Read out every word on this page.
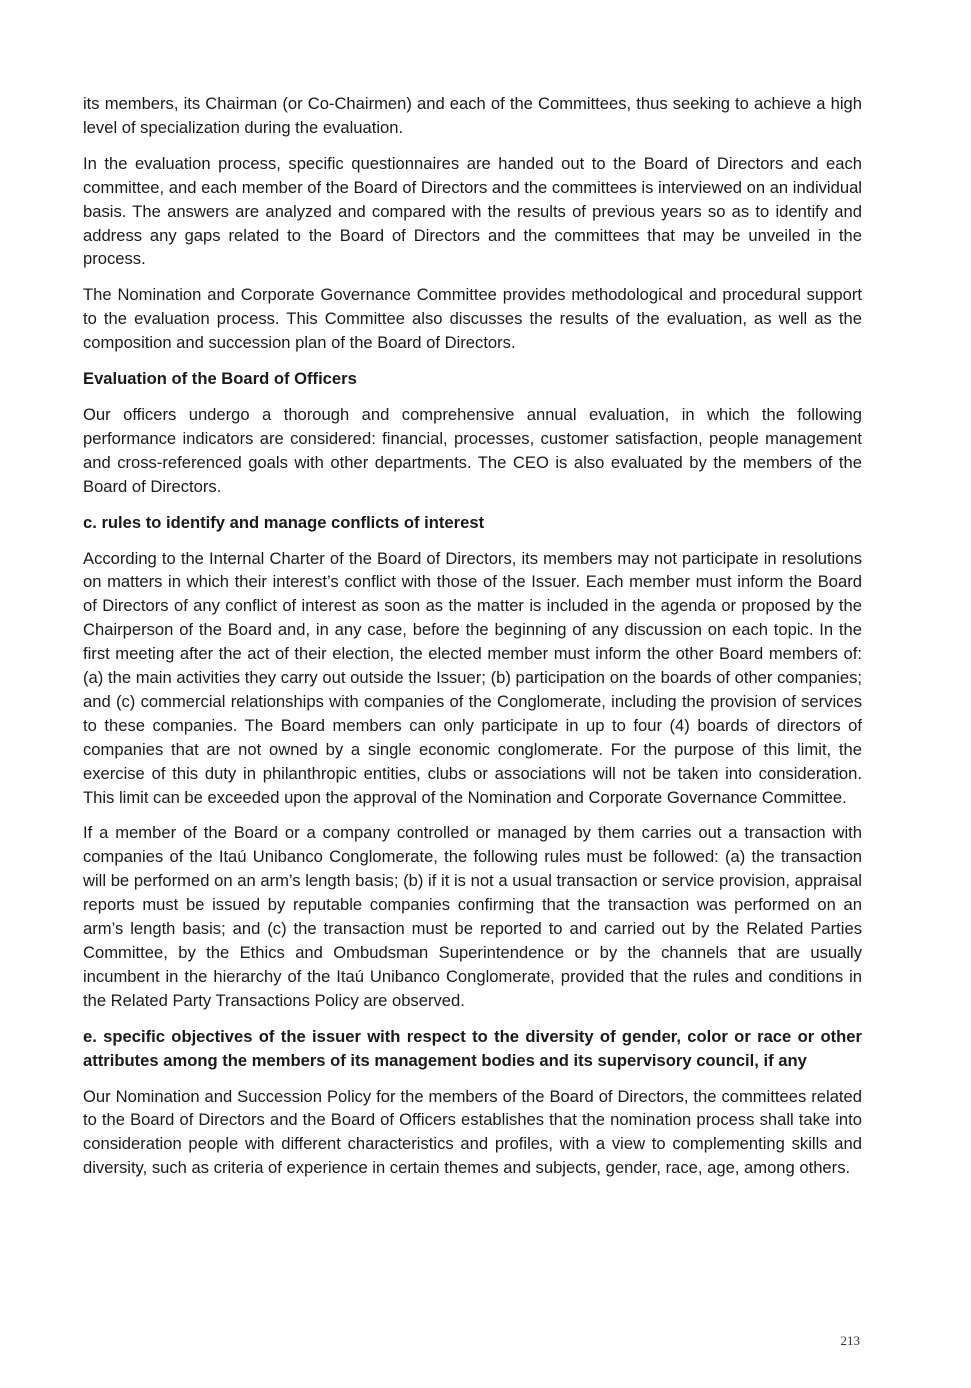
its members, its Chairman (or Co-Chairmen) and each of the Committees, thus seeking to achieve a high level of specialization during the evaluation.

In the evaluation process, specific questionnaires are handed out to the Board of Directors and each committee, and each member of the Board of Directors and the committees is interviewed on an individual basis. The answers are analyzed and compared with the results of previous years so as to identify and address any gaps related to the Board of Directors and the committees that may be unveiled in the process.

The Nomination and Corporate Governance Committee provides methodological and procedural support to the evaluation process. This Committee also discusses the results of the evaluation, as well as the composition and succession plan of the Board of Directors.

Evaluation of the Board of Officers

Our officers undergo a thorough and comprehensive annual evaluation, in which the following performance indicators are considered: financial, processes, customer satisfaction, people management and cross-referenced goals with other departments. The CEO is also evaluated by the members of the Board of Directors.

c. rules to identify and manage conflicts of interest

According to the Internal Charter of the Board of Directors, its members may not participate in resolutions on matters in which their interest’s conflict with those of the Issuer. Each member must inform the Board of Directors of any conflict of interest as soon as the matter is included in the agenda or proposed by the Chairperson of the Board and, in any case, before the beginning of any discussion on each topic. In the first meeting after the act of their election, the elected member must inform the other Board members of: (a) the main activities they carry out outside the Issuer; (b) participation on the boards of other companies; and (c) commercial relationships with companies of the Conglomerate, including the provision of services to these companies. The Board members can only participate in up to four (4) boards of directors of companies that are not owned by a single economic conglomerate. For the purpose of this limit, the exercise of this duty in philanthropic entities, clubs or associations will not be taken into consideration. This limit can be exceeded upon the approval of the Nomination and Corporate Governance Committee.

If a member of the Board or a company controlled or managed by them carries out a transaction with companies of the Itaú Unibanco Conglomerate, the following rules must be followed: (a) the transaction will be performed on an arm’s length basis; (b) if it is not a usual transaction or service provision, appraisal reports must be issued by reputable companies confirming that the transaction was performed on an arm’s length basis; and (c) the transaction must be reported to and carried out by the Related Parties Committee, by the Ethics and Ombudsman Superintendence or by the channels that are usually incumbent in the hierarchy of the Itaú Unibanco Conglomerate, provided that the rules and conditions in the Related Party Transactions Policy are observed.

e. specific objectives of the issuer with respect to the diversity of gender, color or race or other attributes among the members of its management bodies and its supervisory council, if any

Our Nomination and Succession Policy for the members of the Board of Directors, the committees related to the Board of Directors and the Board of Officers establishes that the nomination process shall take into consideration people with different characteristics and profiles, with a view to complementing skills and diversity, such as criteria of experience in certain themes and subjects, gender, race, age, among others.

213
